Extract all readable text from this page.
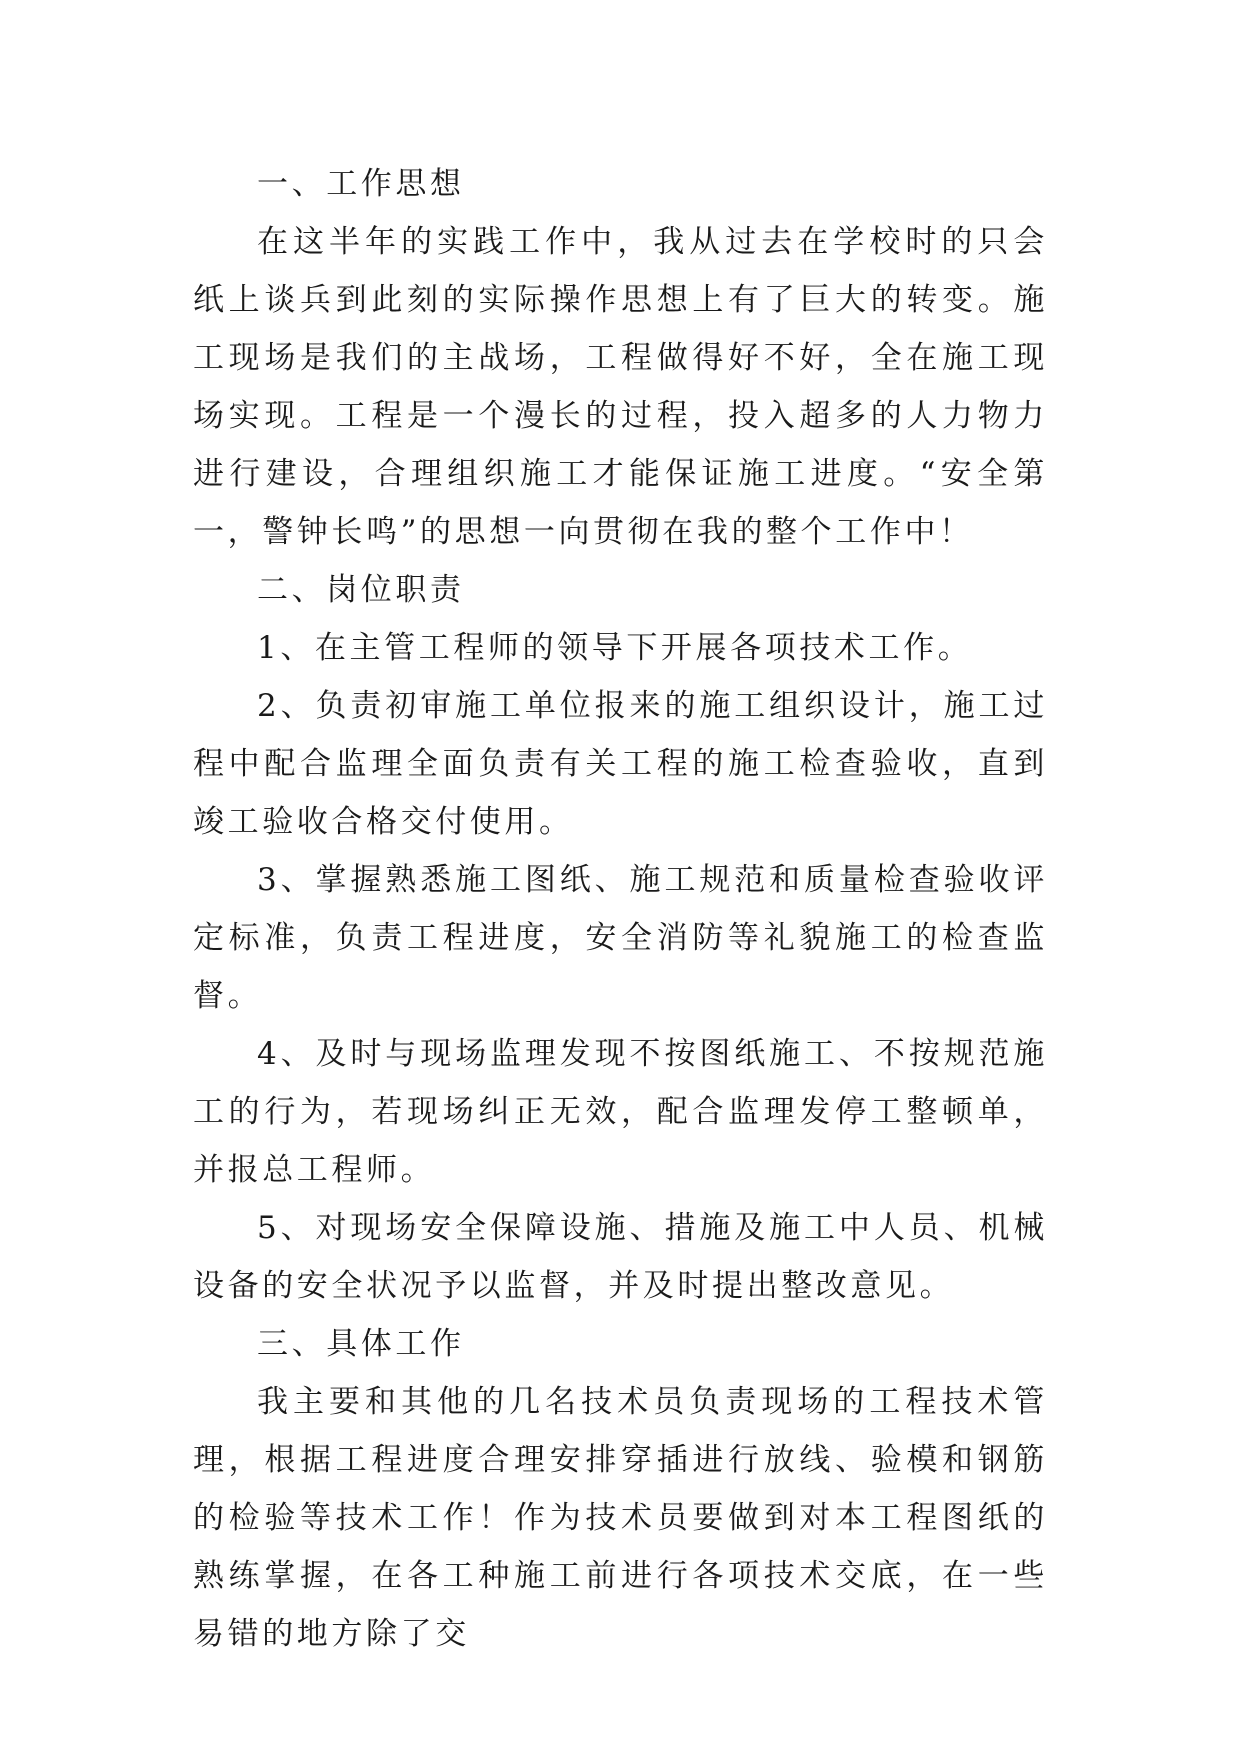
一、工作思想

在这半年的实践工作中，我从过去在学校时的只会纸上谈兵到此刻的实际操作思想上有了巨大的转变。施工现场是我们的主战场，工程做得好不好，全在施工现场实现。工程是一个漫长的过程，投入超多的人力物力进行建设，合理组织施工才能保证施工进度。“安全第一，警钟长鸣”的思想一向贯彻在我的整个工作中！

二、岗位职责

1、在主管工程师的领导下开展各项技术工作。

2、负责初审施工单位报来的施工组织设计，施工过程中配合监理全面负责有关工程的施工检查验收，直到竣工验收合格交付使用。

3、掌握熟悉施工图纸、施工规范和质量检查验收评定标准，负责工程进度，安全消防等礼貌施工的检查监督。

4、及时与现场监理发现不按图纸施工、不按规范施工的行为，若现场纠正无效，配合监理发停工整顿单，并报总工程师。

5、对现场安全保障设施、措施及施工中人员、机械设备的安全状况予以监督，并及时提出整改意见。

三、具体工作

我主要和其他的几名技术员负责现场的工程技术管理，根据工程进度合理安排穿插进行放线、验模和钢筋的检验等技术工作！作为技术员要做到对本工程图纸的熟练掌握，在各工种施工前进行各项技术交底，在一些易错的地方除了交
